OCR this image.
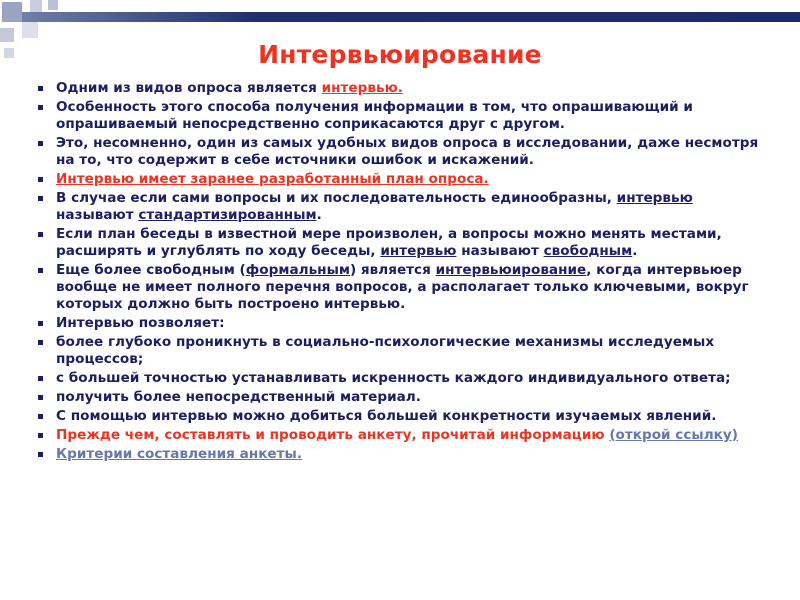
Интервьюирование
Одним из видов опроса является интервью.
Особенность этого способа получения информации в том, что опрашивающий и опрашиваемый непосредственно соприкасаются друг с другом.
Это, несомненно, один из самых удобных видов опроса в исследовании, даже несмотря на то, что содержит в себе источники ошибок и искажений.
Интервью имеет заранее разработанный план опроса.
В случае если сами вопросы и их последовательность единообразны, интервью называют стандартизированным.
Если план беседы в известной мере произволен, а вопросы можно менять местами, расширять и углублять по ходу беседы, интервью называют свободным.
Еще более свободным (формальным) является интервьюирование, когда интервьюер вообще не имеет полного перечня вопросов, а располагает только ключевыми, вокруг которых должно быть построено интервью.
Интервью позволяет:
более глубоко проникнуть в социально-психологические механизмы исследуемых
процессов;
с большей точностью устанавливать искренность каждого индивидуального ответа;
получить более непосредственный материал.
С помощью интервью можно добиться большей конкретности изучаемых явлений.
Прежде чем, составлять и проводить анкету, прочитай информацию (открой ссылку)
Критерии составления анкеты.
